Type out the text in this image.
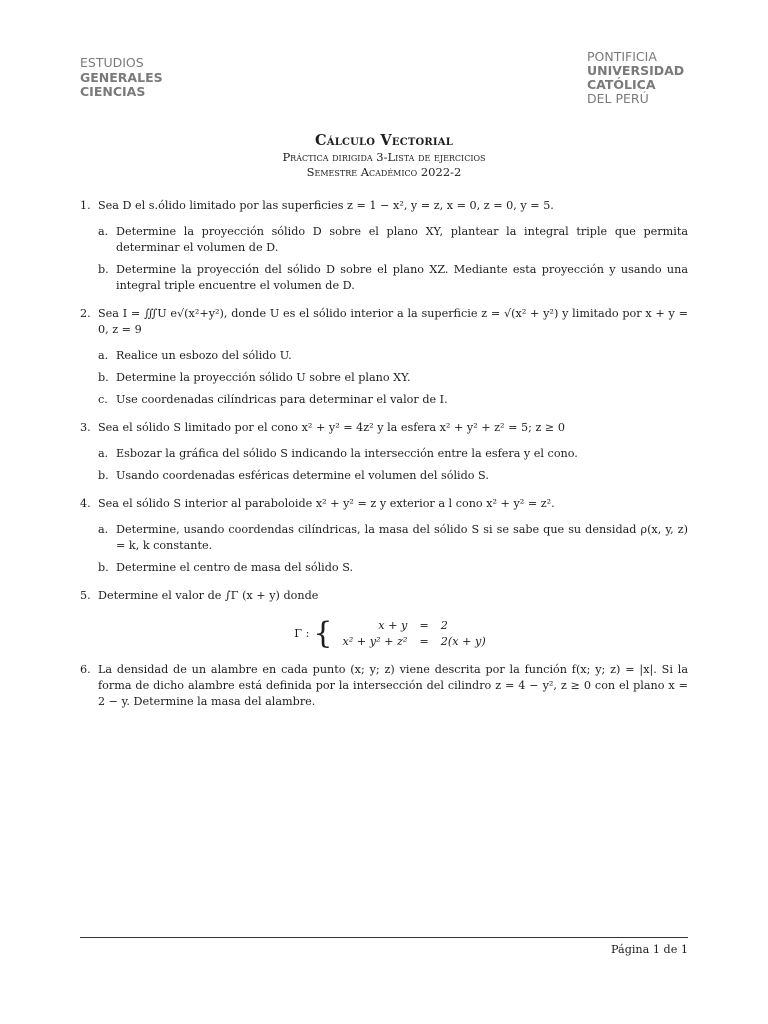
ESTUDIOS
GENERALES
CIENCIAS
PONTIFICIA
UNIVERSIDAD
CATÓLICA
DEL PERÚ
Cálculo Vectorial
Práctica dirigida 3-Lista de ejercicios
Semestre Académico 2022-2
1. Sea D el s.ólido limitado por las superficies z = 1 − x², y = z, x = 0, z = 0, y = 5.
a. Determine la proyección sólido D sobre el plano XY, plantear la integral triple que permita determinar el volumen de D.
b. Determine la proyección del sólido D sobre el plano XZ. Mediante esta proyección y usando una integral triple encuentre el volumen de D.
2. Sea I = ∭U e√(x²+y²), donde U es el sólido interior a la superficie z = √(x² + y²) y limitado por x + y = 0, z = 9
a. Realice un esbozo del sólido U.
b. Determine la proyección sólido U sobre el plano XY.
c. Use coordenadas cilíndricas para determinar el valor de I.
3. Sea el sólido S limitado por el cono x² + y² = 4z² y la esfera x² + y² + z² = 5; z ≥ 0
a. Esbozar la gráfica del sólido S indicando la intersección entre la esfera y el cono.
b. Usando coordenadas esféricas determine el volumen del sólido S.
4. Sea el sólido S interior al paraboloide x² + y² = z y exterior a l cono x² + y² = z².
a. Determine, usando coordendas cilíndricas, la masa del sólido S si se sabe que su densidad ρ(x, y, z) = k, k constante.
b. Determine el centro de masa del sólido S.
5. Determine el valor de ∫Γ (x + y) donde
Γ : {	x + y	=	2
x² + y² + z²	=	2(x + y)
6. La densidad de un alambre en cada punto (x; y; z) viene descrita por la función f(x; y; z) = |x|. Si la forma de dicho alambre está definida por la intersección del cilindro z = 4 − y², z ≥ 0 con el plano x = 2 − y. Determine la masa del alambre.
Página 1 de 1
